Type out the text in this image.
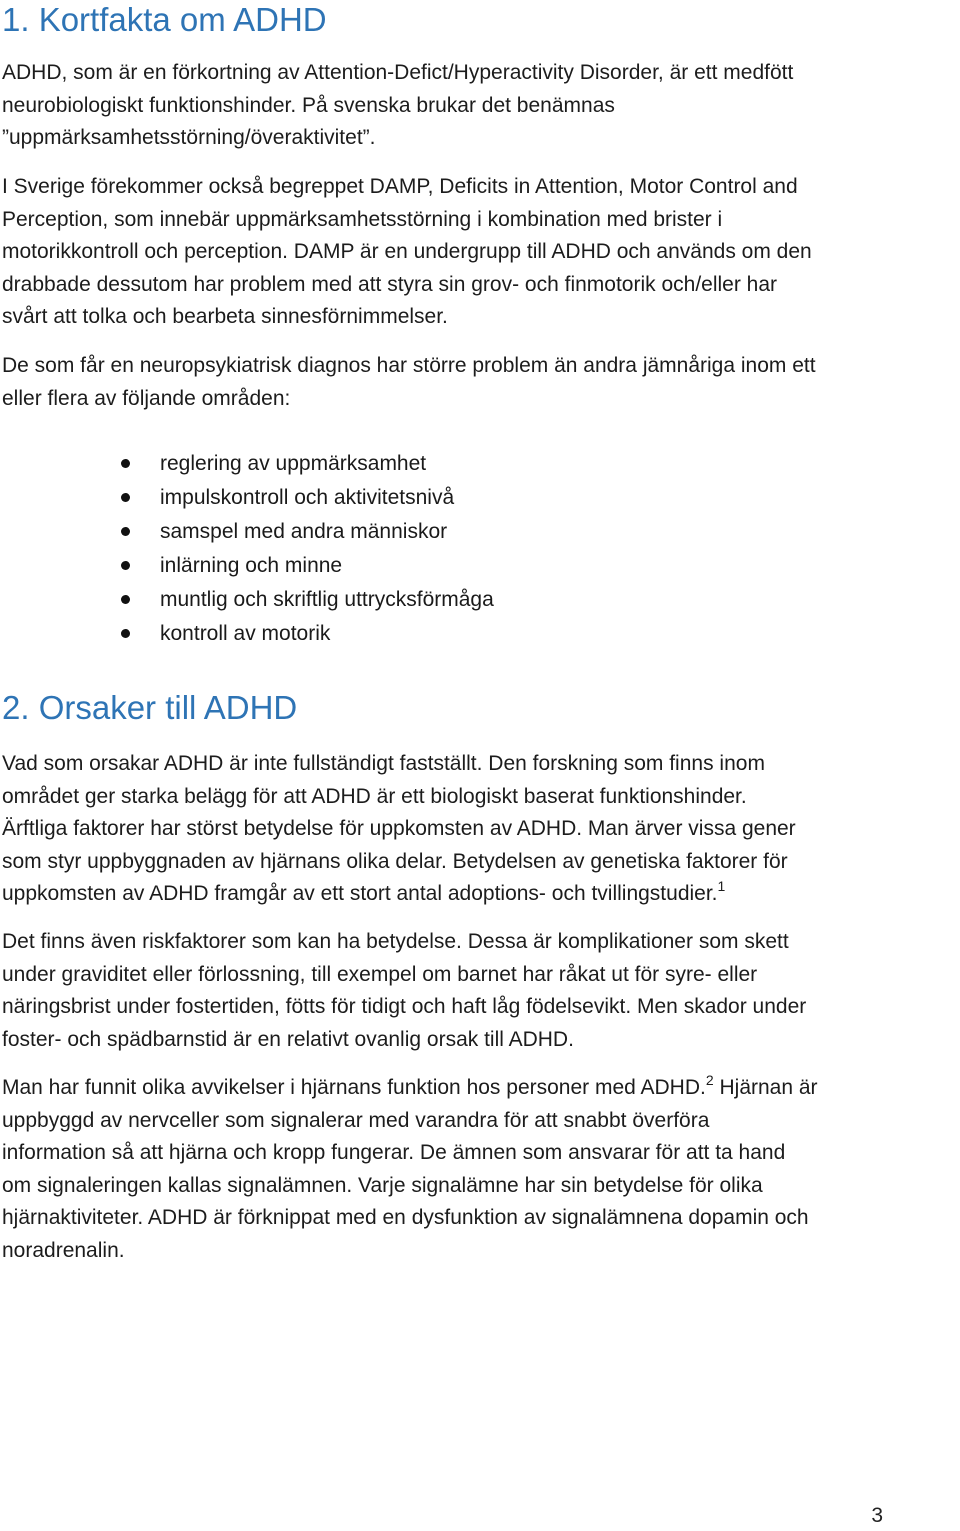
1. Kortfakta om ADHD
ADHD, som är en förkortning av Attention-Defict/Hyperactivity Disorder, är ett medfött
neurobiologiskt funktionshinder. På svenska brukar det benämnas
”uppmärksamhetsstörning/överaktivitet”.
I Sverige förekommer också begreppet DAMP, Deficits in Attention, Motor Control and
Perception, som innebär uppmärksamhetsstörning i kombination med brister i
motorikkontroll och perception. DAMP är en undergrupp till ADHD och används om den
drabbade dessutom har problem med att styra sin grov- och finmotorik och/eller har
svårt att tolka och bearbeta sinnesförnimmelser.
De som får en neuropsykiatrisk diagnos har större problem än andra jämnåriga inom ett
eller flera av följande områden:
reglering av uppmärksamhet
impulskontroll och aktivitetsnivå
samspel med andra människor
inlärning och minne
muntlig och skriftlig uttrycksförmåga
kontroll av motorik
2. Orsaker till ADHD
Vad som orsakar ADHD är inte fullständigt fastställt. Den forskning som finns inom
området ger starka belägg för att ADHD är ett biologiskt baserat funktionshinder.
Ärftliga faktorer har störst betydelse för uppkomsten av ADHD. Man ärver vissa gener
som styr uppbyggnaden av hjärnans olika delar. Betydelsen av genetiska faktorer för
uppkomsten av ADHD framgår av ett stort antal adoptions- och tvillingstudier.$^1$
Det finns även riskfaktorer som kan ha betydelse. Dessa är komplikationer som skett
under graviditet eller förlossning, till exempel om barnet har råkat ut för syre- eller
näringsbrist under fostertiden, fötts för tidigt och haft låg födelsevikt. Men skador under
foster- och spädbarnstid är en relativt ovanlig orsak till ADHD.
Man har funnit olika avvikelser i hjärnans funktion hos personer med ADHD.$^2$ Hjärnan är
uppbyggd av nervceller som signalerar med varandra för att snabbt överföra
information så att hjärna och kropp fungerar. De ämnen som ansvarar för att ta hand
om signaleringen kallas signalämnen. Varje signalämne har sin betydelse för olika
hjärnaktiviteter. ADHD är förknippat med en dysfunktion av signalämnena dopamin och
noradrenalin.
3
